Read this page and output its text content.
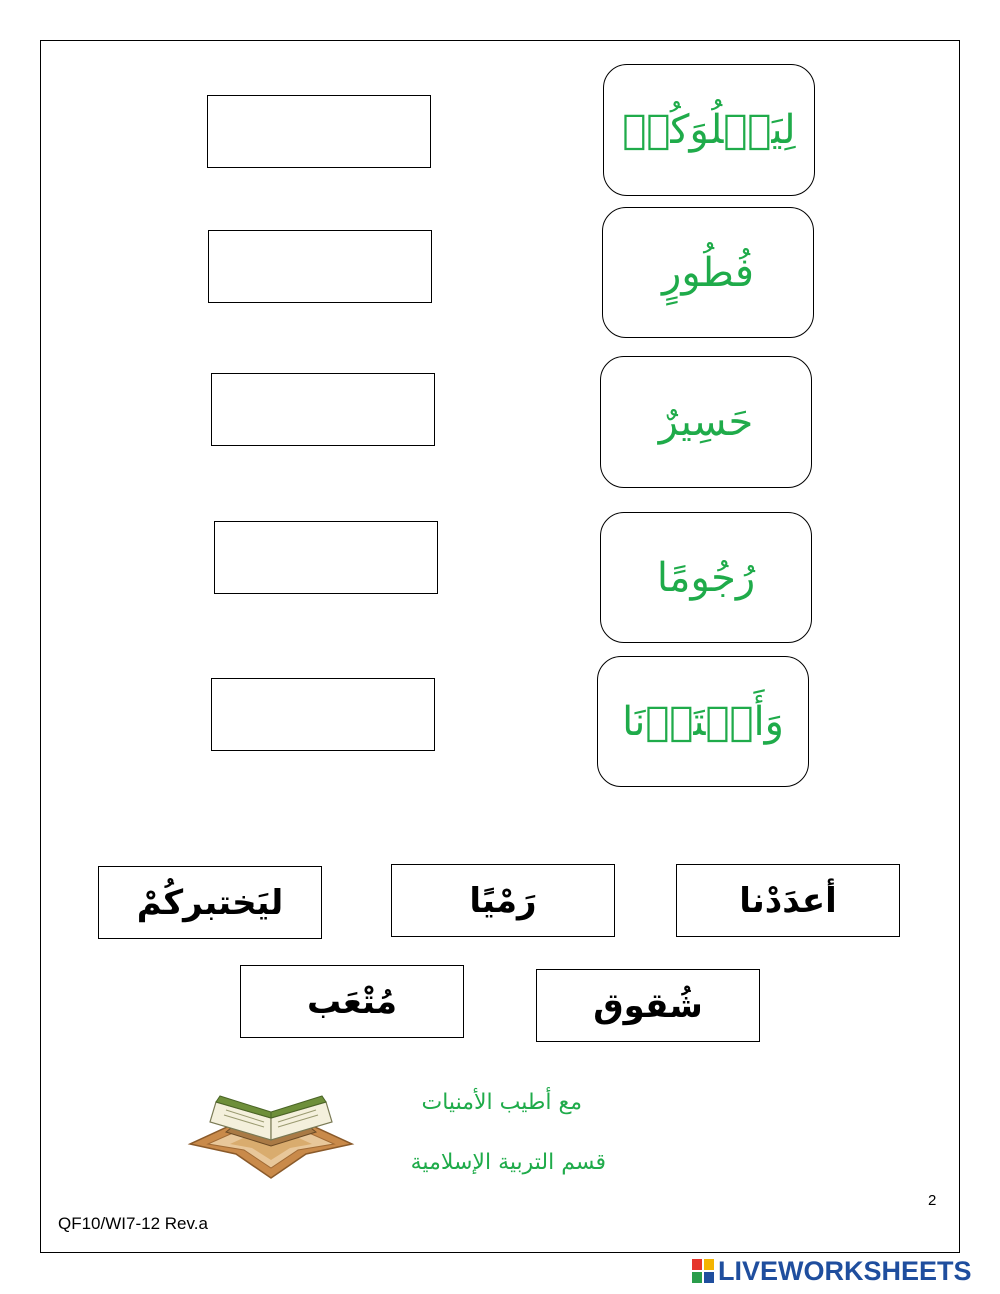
لِيَبۡلُوَكُمۡ
فُطُورٍ
حَسِيرٌ
رُجُومًا
وَأَعۡتَدۡنَا
أعدَدْنا
رَمْيًا
ليَختبركُمْ
شُقوق
مُتْعَب
مع أطيب الأمنيات
قسم التربية الإسلامية
2
QF10/WI7-12 Rev.a
LIVEWORKSHEETS
